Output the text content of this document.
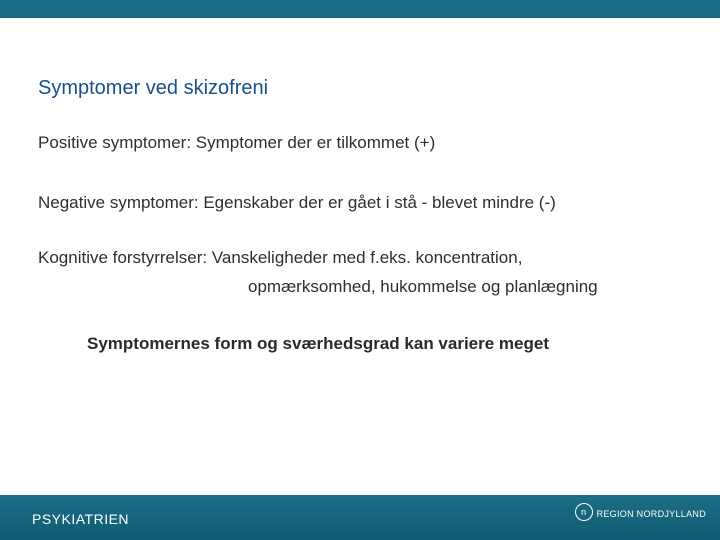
Symptomer ved skizofreni
Positive symptomer: Symptomer der er tilkommet (+)
Negative symptomer: Egenskaber der er gået i stå - blevet mindre (-)
Kognitive forstyrrelser: Vanskeligheder med f.eks. koncentration,
opmærksomhed, hukommelse og planlægning
Symptomernes form og sværhedsgrad kan variere meget
PSYKIATRIEN	n	REGION NORDJYLLAND
